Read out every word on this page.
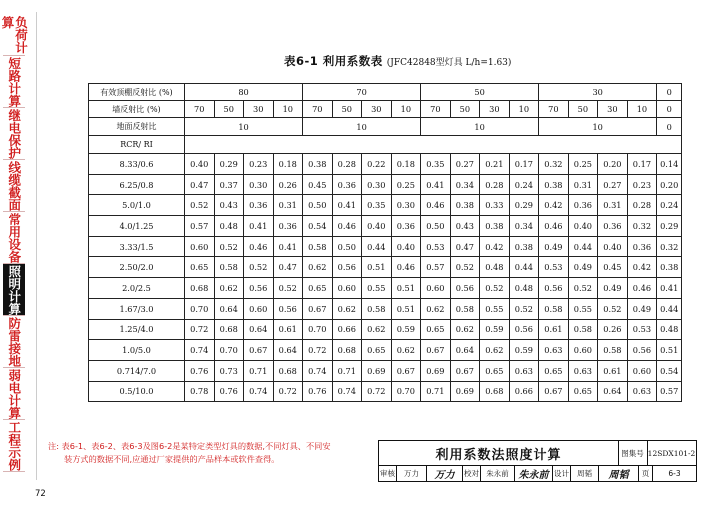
负荷计算
短路计算
继电保护
线缆截面
常用设备
照明计算
防雷接地
弱电计算
工程示例
表6-1 利用系数表 (JFC42848型灯具 L/h=1.63)
有效顶棚反射比 (%)	80				70				50				30				0
墙反射比 (%)	70	50	30	10	70	50	30	10	70	50	30	10	70	50	30	10	0
地面反射比	10				10				10				10				0
RCR/ RI																	
8.33/0.6	0.40	0.29	0.23	0.18	0.38	0.28	0.22	0.18	0.35	0.27	0.21	0.17	0.32	0.25	0.20	0.17	0.14
6.25/0.8	0.47	0.37	0.30	0.26	0.45	0.36	0.30	0.25	0.41	0.34	0.28	0.24	0.38	0.31	0.27	0.23	0.20
5.0/1.0	0.52	0.43	0.36	0.31	0.50	0.41	0.35	0.30	0.46	0.38	0.33	0.29	0.42	0.36	0.31	0.28	0.24
4.0/1.25	0.57	0.48	0.41	0.36	0.54	0.46	0.40	0.36	0.50	0.43	0.38	0.34	0.46	0.40	0.36	0.32	0.29
3.33/1.5	0.60	0.52	0.46	0.41	0.58	0.50	0.44	0.40	0.53	0.47	0.42	0.38	0.49	0.44	0.40	0.36	0.32
2.50/2.0	0.65	0.58	0.52	0.47	0.62	0.56	0.51	0.46	0.57	0.52	0.48	0.44	0.53	0.49	0.45	0.42	0.38
2.0/2.5	0.68	0.62	0.56	0.52	0.65	0.60	0.55	0.51	0.60	0.56	0.52	0.48	0.56	0.52	0.49	0.46	0.41
1.67/3.0	0.70	0.64	0.60	0.56	0.67	0.62	0.58	0.51	0.62	0.58	0.55	0.52	0.58	0.55	0.52	0.49	0.44
1.25/4.0	0.72	0.68	0.64	0.61	0.70	0.66	0.62	0.59	0.65	0.62	0.59	0.56	0.61	0.58	0.26	0.53	0.48
1.0/5.0	0.74	0.70	0.67	0.64	0.72	0.68	0.65	0.62	0.67	0.64	0.62	0.59	0.63	0.60	0.58	0.56	0.51
0.714/7.0	0.76	0.73	0.71	0.68	0.74	0.71	0.69	0.67	0.69	0.67	0.65	0.63	0.65	0.63	0.61	0.60	0.54
0.5/10.0	0.78	0.76	0.74	0.72	0.76	0.74	0.72	0.70	0.71	0.69	0.68	0.66	0.67	0.65	0.64	0.63	0.57
注: 表6-1、表6-2、表6-3及图6-2是某特定类型灯具的数据,不同灯具、不同安
装方式的数据不同,应通过厂家提供的产品样本或软件查得。	利用系数法照度计算	图集号 12SDX101-2
审核	万力	万力	校对 朱永前 朱永前 设计	周韬	周韬	页	6-3
72
